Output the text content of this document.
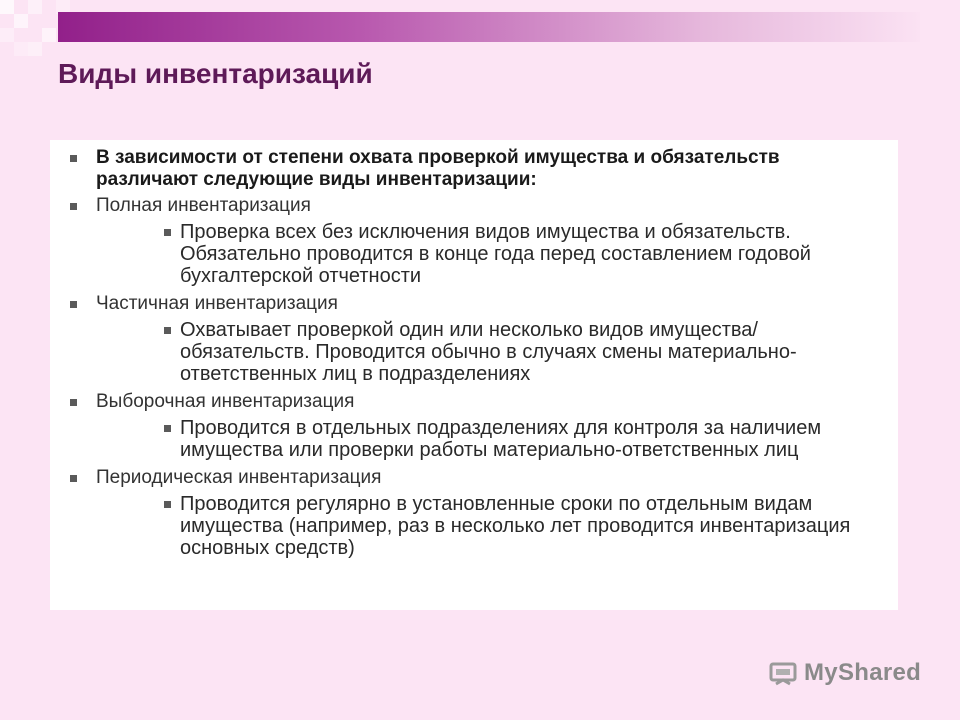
Виды инвентаризаций
В зависимости от степени охвата проверкой имущества и обязательств различают следующие виды инвентаризации:
Полная инвентаризация
Проверка всех без исключения видов имущества и обязательств. Обязательно проводится в конце года перед составлением годовой бухгалтерской отчетности
Частичная инвентаризация
Охватывает проверкой один или несколько видов имущества/обязательств. Проводится обычно в случаях смены материально-ответственных лиц в подразделениях
Выборочная инвентаризация
Проводится в отдельных подразделениях для контроля за наличием имущества или проверки работы материально-ответственных лиц
Периодическая инвентаризация
Проводится регулярно в установленные сроки по отдельным видам имущества (например, раз в несколько лет проводится инвентаризация основных средств)
MyShared
